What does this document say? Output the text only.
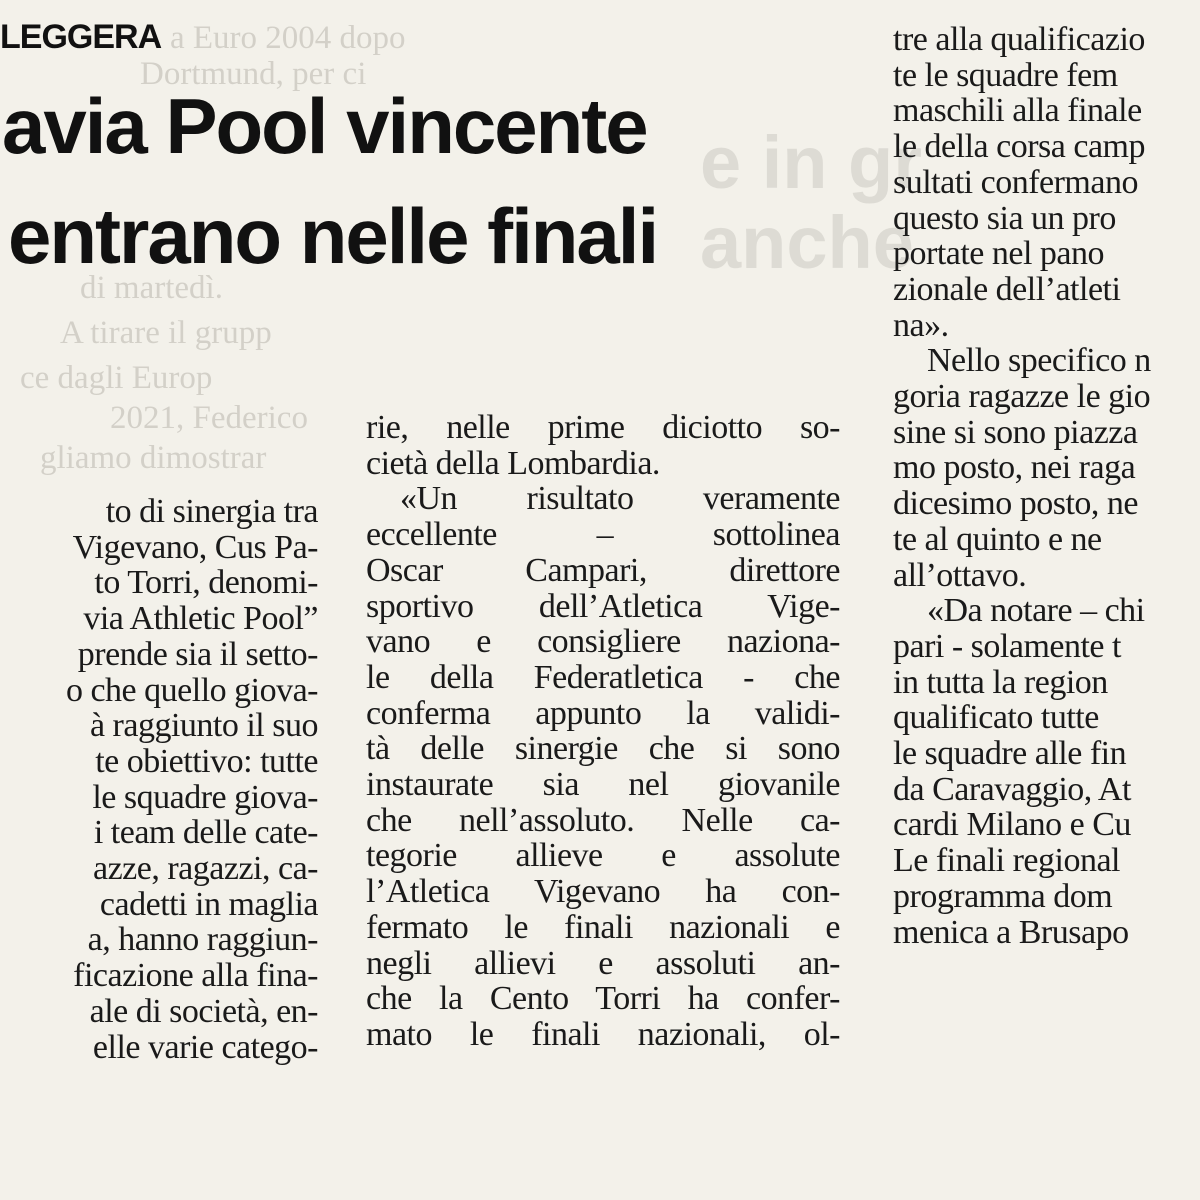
a Euro 2004 dopo
Dortmund, per ci
di martedì.
A tirare il grupp
ce dagli Europ
2021, Federico
gliamo dimostrar
e in gr
anche
LEGGERA
avia Pool vincente
entrano nelle finali

to di sinergia tra

Vigevano, Cus Pa-

to Torri, denomi-

via Athletic Pool”

prende sia il setto-

o che quello giova-

à raggiunto il suo

te obiettivo: tutte

le squadre giova-

i team delle cate-

azze, ragazzi, ca-

cadetti in maglia

a, hanno raggiun-

ficazione alla fina-

ale di società, en-

elle varie catego-

rie, nelle prime diciotto so-

cietà della Lombardia.

«Un risultato veramente

eccellente – sottolinea

Oscar Campari, direttore

sportivo dell’Atletica Vige-

vano e consigliere naziona-

le della Federatletica - che

conferma appunto la validi-

tà delle sinergie che si sono

instaurate sia nel giovanile

che nell’assoluto. Nelle ca-

tegorie allieve e assolute

l’Atletica Vigevano ha con-

fermato le finali nazionali e

negli allievi e assoluti an-

che la Cento Torri ha confer-

mato le finali nazionali, ol-

tre alla qualificazio

te le squadre fem

maschili alla finale

le della corsa camp

sultati confermano

questo sia un pro

portate nel pano

zionale dell’atleti

na».

Nello specifico n

goria ragazze le gio

sine si sono piazza

mo posto, nei raga

dicesimo posto, ne

te al quinto e ne

all’ottavo.

«Da notare – chi

pari - solamente t

in tutta la region

qualificato tutte

le squadre alle fin

da Caravaggio, At

cardi Milano e Cu

Le finali regional

programma dom

menica a Brusapo
